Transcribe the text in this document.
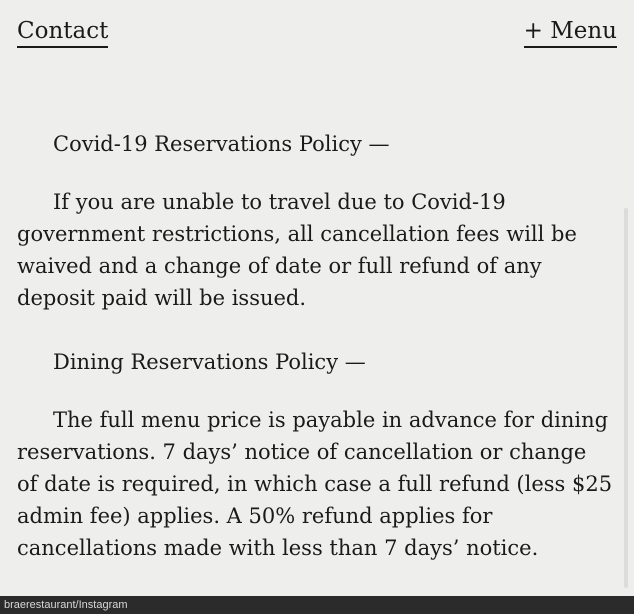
Contact	+ Menu
Covid-19 Reservations Policy —

If you are unable to travel due to Covid-19 government restrictions, all cancellation fees will be waived and a change of date or full refund of any deposit paid will be issued.

Dining Reservations Policy —

The full menu price is payable in advance for dining reservations. 7 days’ notice of cancellation or change of date is required, in which case a full refund (less $25 admin fee) applies. A 50% refund applies for cancellations made with less than 7 days’ notice.

braerestaurant/Instagram
